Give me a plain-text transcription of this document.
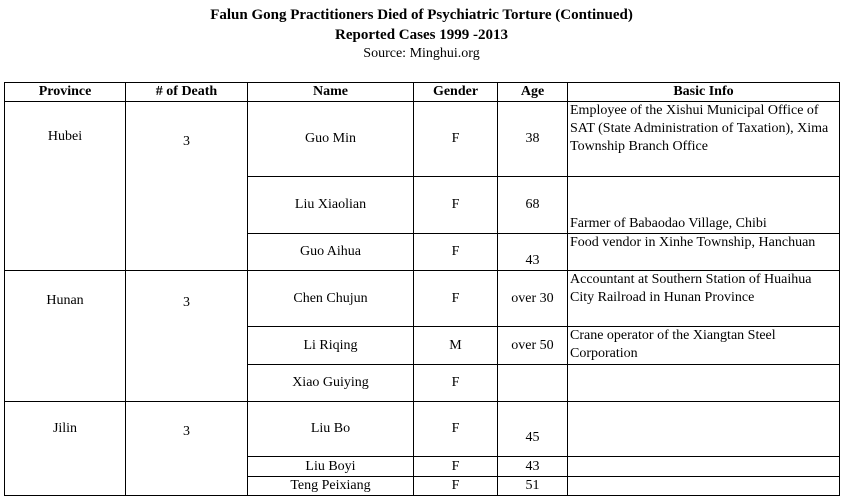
Falun Gong Practitioners Died of Psychiatric Torture (Continued)
Reported Cases 1999 -2013
Source: Minghui.org
Province	# of Death	Name	Gender	Age	Basic Info
Hubei	3	Guo Min	F	38	Employee of the Xishui Municipal Office of SAT (State Administration of Taxation), Xima Township Branch Office
		Liu Xiaolian	F	68	Farmer of Babaodao Village, Chibi
		Guo Aihua	F	43	Food vendor in Xinhe Township, Hanchuan
Hunan	3	Chen Chujun	F	over 30	Accountant at Southern Station of Huaihua City Railroad in Hunan Province
		Li Riqing	M	over 50	Crane operator of the Xiangtan Steel Corporation
		Xiao Guiying	F		
Jilin	3	Liu Bo	F	45	
		Liu Boyi	F	43	
		Teng Peixiang	F	51	
